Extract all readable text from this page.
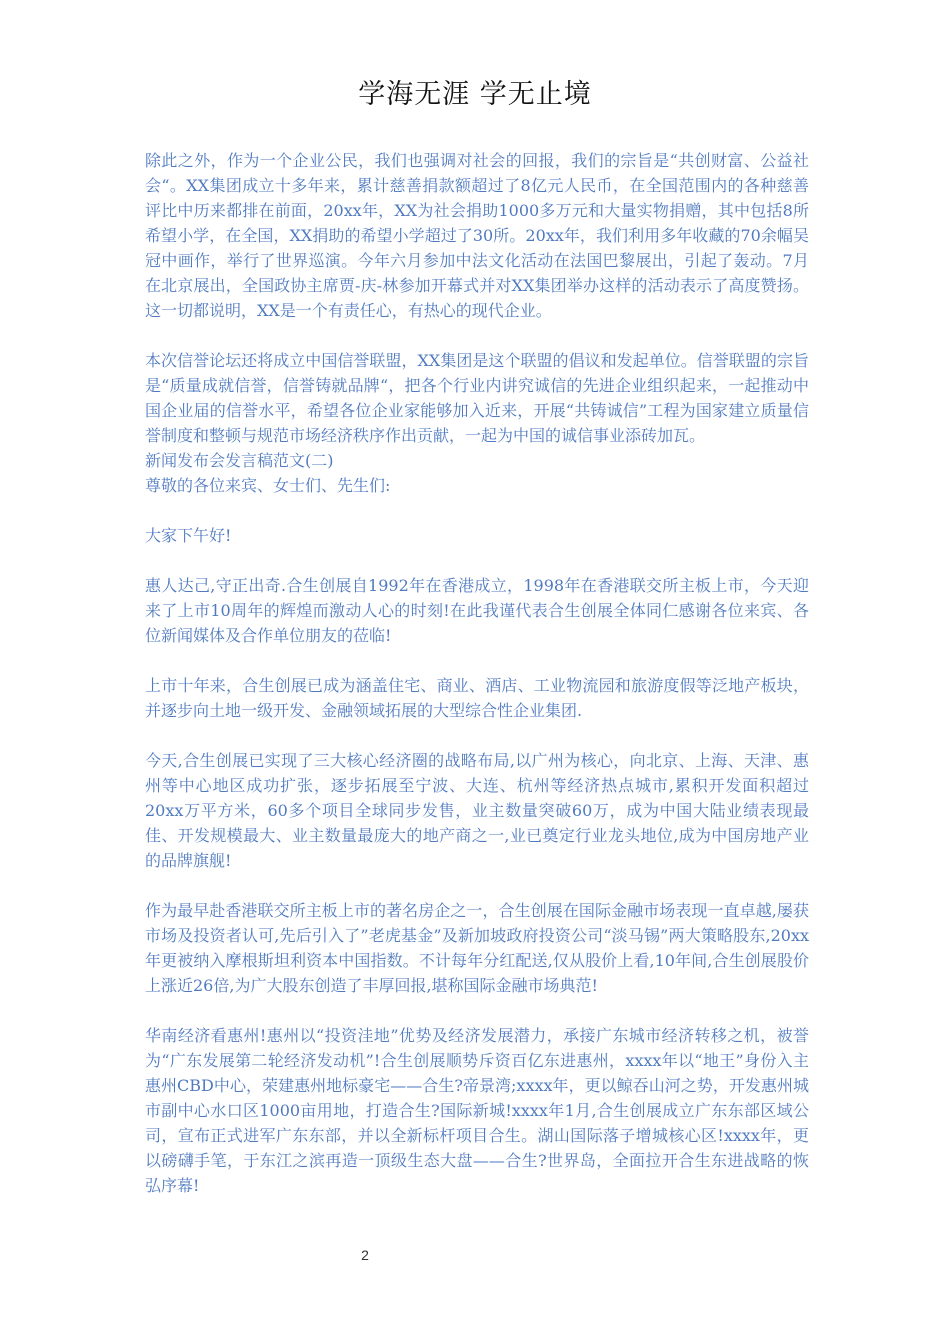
学海无涯 学无止境

除此之外，作为一个企业公民，我们也强调对社会的回报，我们的宗旨是“共创财富、公益社会“。XX集团成立十多年来，累计慈善捐款额超过了8亿元人民币，在全国范围内的各种慈善评比中历来都排在前面，20xx年，XX为社会捐助1000多万元和大量实物捐赠，其中包括8所希望小学，在全国，XX捐助的希望小学超过了30所。20xx年，我们利用多年收藏的70余幅吴冠中画作，举行了世界巡演。今年六月参加中法文化活动在法国巴黎展出，引起了轰动。7月在北京展出，全国政协主席贾-庆-林参加开幕式并对XX集团举办这样的活动表示了高度赞扬。这一切都说明，XX是一个有责任心，有热心的现代企业。

本次信誉论坛还将成立中国信誉联盟，XX集团是这个联盟的倡议和发起单位。信誉联盟的宗旨是“质量成就信誉，信誉铸就品牌“，把各个行业内讲究诚信的先进企业组织起来，一起推动中国企业届的信誉水平，希望各位企业家能够加入近来，开展“共铸诚信”工程为国家建立质量信誉制度和整顿与规范市场经济秩序作出贡献，一起为中国的诚信事业添砖加瓦。

新闻发布会发言稿范文(二)

尊敬的各位来宾、女士们、先生们:

大家下午好!

惠人达己,守正出奇.合生创展自1992年在香港成立，1998年在香港联交所主板上市，今天迎来了上市10周年的辉煌而激动人心的时刻!在此我谨代表合生创展全体同仁感谢各位来宾、各位新闻媒体及合作单位朋友的莅临!

上市十年来，合生创展已成为涵盖住宅、商业、酒店、工业物流园和旅游度假等泛地产板块，并逐步向土地一级开发、金融领域拓展的大型综合性企业集团.

今天,合生创展已实现了三大核心经济圈的战略布局,以广州为核心，向北京、上海、天津、惠州等中心地区成功扩张，逐步拓展至宁波、大连、杭州等经济热点城市,累积开发面积超过20xx万平方米，60多个项目全球同步发售，业主数量突破60万，成为中国大陆业绩表现最佳、开发规模最大、业主数量最庞大的地产商之一,业已奠定行业龙头地位,成为中国房地产业的品牌旗舰!

作为最早赴香港联交所主板上市的著名房企之一，合生创展在国际金融市场表现一直卓越,屡获市场及投资者认可,先后引入了”老虎基金”及新加坡政府投资公司“淡马锡”两大策略股东,20xx年更被纳入摩根斯坦利资本中国指数。不计每年分红配送,仅从股价上看,10年间,合生创展股价上涨近26倍,为广大股东创造了丰厚回报,堪称国际金融市场典范!

华南经济看惠州!惠州以“投资洼地”优势及经济发展潜力，承接广东城市经济转移之机，被誉为“广东发展第二轮经济发动机”!合生创展顺势斥资百亿东进惠州，xxxx年以“地王”身份入主惠州CBD中心，荣建惠州地标豪宅——合生?帝景湾;xxxx年，更以鲸吞山河之势，开发惠州城市副中心水口区1000亩用地，打造合生?国际新城!xxxx年1月,合生创展成立广东东部区域公司，宣布正式进军广东东部，并以全新标杆项目合生。湖山国际落子增城核心区!xxxx年，更以磅礴手笔，于东江之滨再造一顶级生态大盘——合生?世界岛，全面拉开合生东进战略的恢弘序幕!

2
